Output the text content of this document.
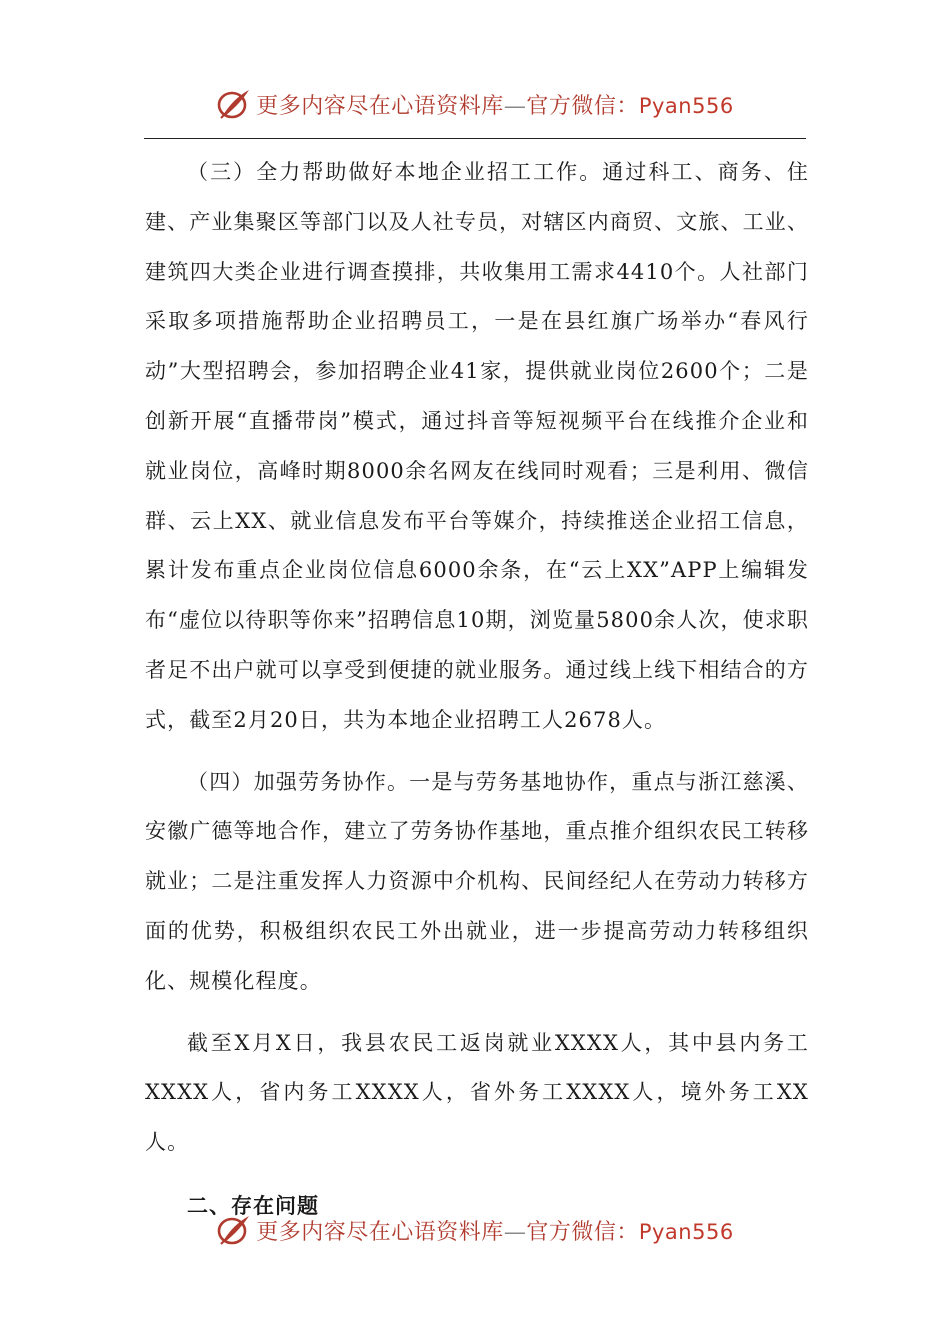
更多内容尽在心语资料库—官方微信：Pyan556

（三）全力帮助做好本地企业招工工作。通过科工、商务、住建、产业集聚区等部门以及人社专员，对辖区内商贸、文旅、工业、建筑四大类企业进行调查摸排，共收集用工需求4410个。人社部门采取多项措施帮助企业招聘员工，一是在县红旗广场举办“春风行动”大型招聘会，参加招聘企业41家，提供就业岗位2600个；二是创新开展“直播带岗”模式，通过抖音等短视频平台在线推介企业和就业岗位，高峰时期8000余名网友在线同时观看；三是利用、微信群、云上XX、就业信息发布平台等媒介，持续推送企业招工信息，累计发布重点企业岗位信息6000余条，在“云上XX”APP上编辑发布“虚位以待职等你来”招聘信息10期，浏览量5800余人次，使求职者足不出户就可以享受到便捷的就业服务。通过线上线下相结合的方式，截至2月20日，共为本地企业招聘工人2678人。

（四）加强劳务协作。一是与劳务基地协作，重点与浙江慈溪、安徽广德等地合作，建立了劳务协作基地，重点推介组织农民工转移就业；二是注重发挥人力资源中介机构、民间经纪人在劳动力转移方面的优势，积极组织农民工外出就业，进一步提高劳动力转移组织化、规模化程度。

截至X月X日，我县农民工返岗就业XXXX人，其中县内务工XXXX人，省内务工XXXX人，省外务工XXXX人，境外务工XX人。

二、存在问题

更多内容尽在心语资料库—官方微信：Pyan556
